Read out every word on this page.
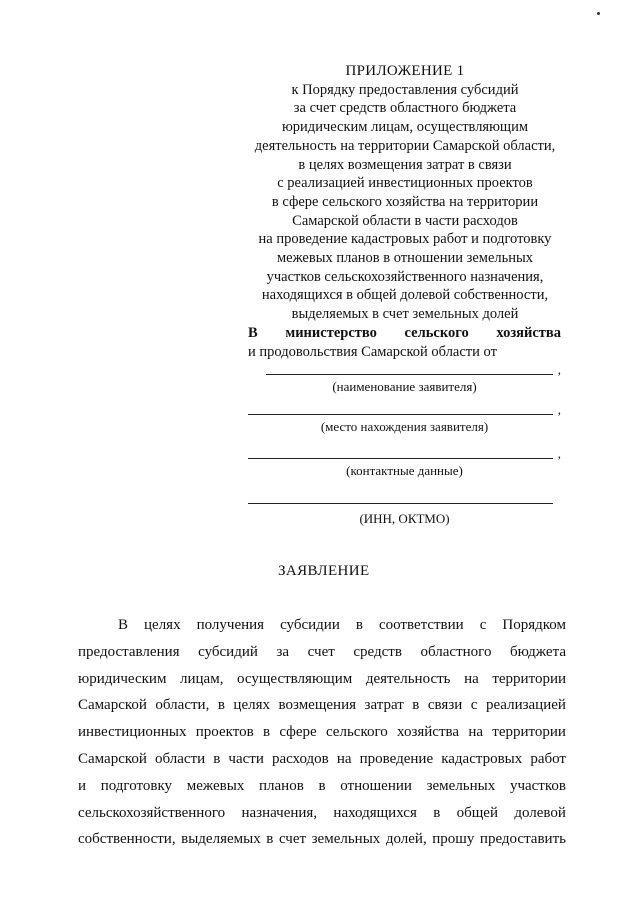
ПРИЛОЖЕНИЕ 1
к Порядку предоставления субсидий
за счет средств областного бюджета
юридическим лицам, осуществляющим
деятельность на территории Самарской области,
в целях возмещения затрат в связи
с реализацией инвестиционных проектов
в сфере сельского хозяйства на территории
Самарской области в части расходов
на проведение кадастровых работ и подготовку
межевых планов в отношении земельных
участков сельскохозяйственного назначения,
находящихся в общей долевой собственности,
выделяемых в счет земельных долей
В министерство сельского хозяйства
и продовольствия Самарской области от
,
(наименование заявителя)
,
(место нахождения заявителя)
,
(контактные данные)
(ИНН, ОКТМО)
ЗАЯВЛЕНИЕ
В целях получения субсидии в соответствии с Порядком
предоставления субсидий за счет средств областного бюджета
юридическим лицам, осуществляющим деятельность на территории
Самарской области, в целях возмещения затрат в связи с реализацией
инвестиционных проектов в сфере сельского хозяйства на территории
Самарской области в части расходов на проведение кадастровых работ
и подготовку межевых планов в отношении земельных участков
сельскохозяйственного назначения, находящихся в общей долевой
собственности, выделяемых в счет земельных долей, прошу предоставить
